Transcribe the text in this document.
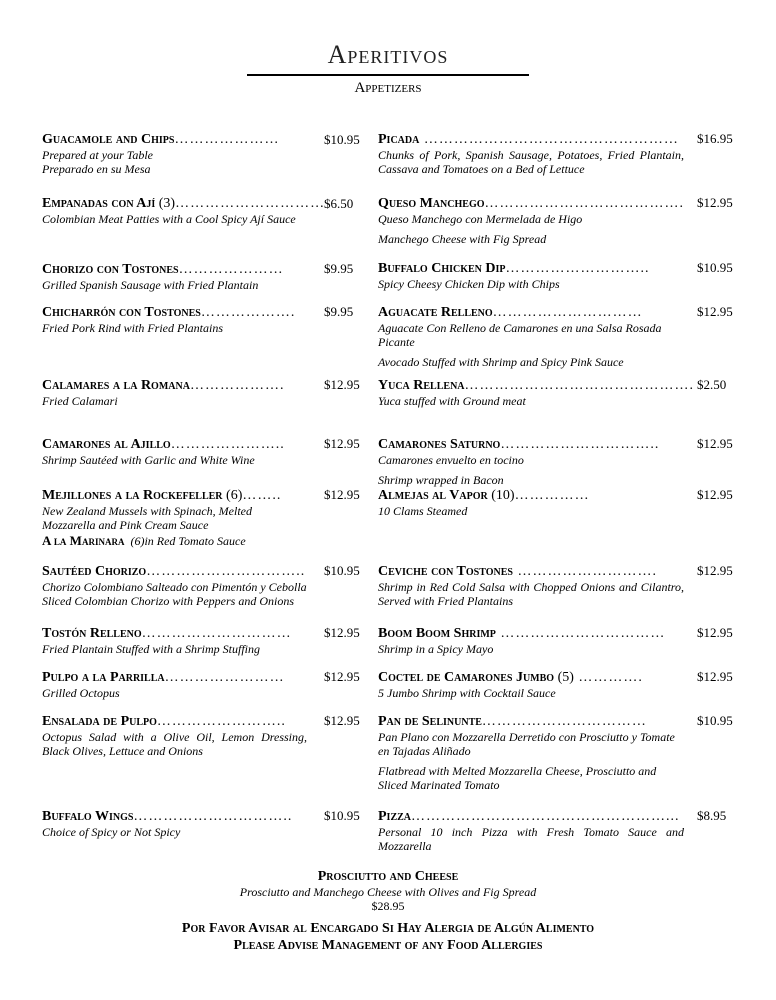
Aperitivos
Appetizers
Guacamole and Chips…………………
Prepared at your Table
Preparado en su Mesa
$10.95
Empanadas con Ají (3)…………………………
Colombian Meat Patties with a Cool Spicy Ají Sauce
$6.50
Chorizo con Tostones…………………
Grilled Spanish Sausage with Fried Plantain
$9.95
Chicharrón con Tostones……………….
Fried Pork Rind with Fried Plantains
$9.95
Calamares a la Romana……………….
Fried Calamari
$12.95
Camarones al Ajillo…………………..
Shrimp Sautéed with Garlic and White Wine
$12.95
Mejillones a la Rockefeller (6)……..
New Zealand Mussels with Spinach, Melted Mozzarella and Pink Cream Sauce
A la Marinara (6)in Red Tomato Sauce
$12.95
Sautéed Chorizo…………………………..
Chorizo Colombiano Salteado con Pimentón y Cebolla
Sliced Colombian Chorizo with Peppers and Onions
$10.95
Tostón Relleno…………………………
Fried Plantain Stuffed with a Shrimp Stuffing
$12.95
Pulpo a la Parrilla……………………
Grilled Octopus
$12.95
Ensalada de Pulpo……………………..
Octopus Salad with a Olive Oil, Lemon Dressing, Black Olives, Lettuce and Onions
$12.95
Buffalo Wings…………………………..
Choice of Spicy or Not Spicy
$10.95
Picada ……………………………………………
Chunks of Pork, Spanish Sausage, Potatoes, Fried Plantain, Cassava and Tomatoes on a Bed of Lettuce
$16.95
Queso Manchego………………………………….
Queso Manchego con Mermelada de Higo
Manchego Cheese with Fig Spread
$12.95
Buffalo Chicken Dip………………………..
Spicy Cheesy Chicken Dip with Chips
$10.95
Aguacate Relleno…………………………
Aguacate Con Relleno de Camarones en una Salsa Rosada Picante
Avocado Stuffed with Shrimp and Spicy Pink Sauce
$12.95
Yuca Rellena……………………………………….
Yuca stuffed with Ground meat
$2.50
Camarones Saturno…………………………..
Camarones envuelto en tocino
Shrimp wrapped in Bacon
$12.95
Almejas al Vapor (10)……………
10 Clams Steamed
$12.95
Ceviche con Tostones ……………………….
Shrimp in Red Cold Salsa with Chopped Onions and Cilantro, Served with Fried Plantains
$12.95
Boom Boom Shrimp ……………………………
Shrimp in a Spicy Mayo
$12.95
Coctel de Camarones Jumbo (5) ………….
5 Jumbo Shrimp with Cocktail Sauce
$12.95
Pan de Selinunte……………………………
Pan Plano con Mozzarella Derretido con Prosciutto y Tomate en Tajadas Aliñado
Flatbread with Melted Mozzarella Cheese, Prosciutto and Sliced Marinated Tomato
$10.95
Pizza……………………………………………...
Personal 10 inch Pizza with Fresh Tomato Sauce and Mozzarella
$8.95
Prosciutto and Cheese
Prosciutto and Manchego Cheese with Olives and Fig Spread
$28.95
Por Favor Avisar al Encargado Si Hay Alergia de Algún Alimento
Please Advise Management of any Food Allergies
